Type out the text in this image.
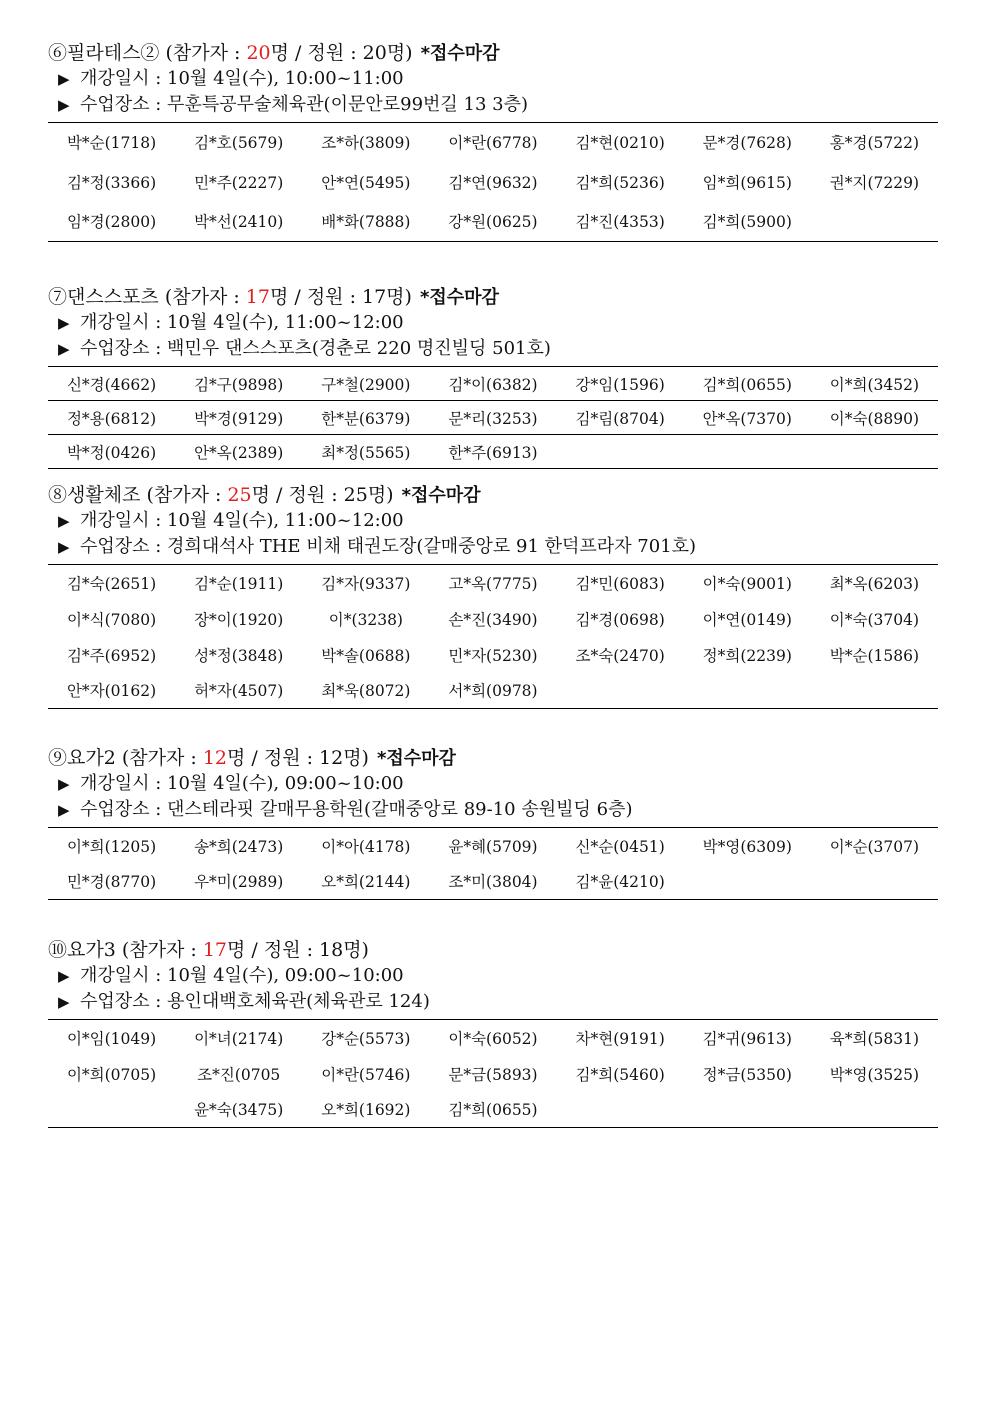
⑥필라테스② (참가자 : 20명 / 정원 : 20명) *접수마감
▶ 개강일시 : 10월 4일(수), 10:00~11:00
▶ 수업장소 : 무훈특공무술체육관(이문안로99번길 13 3층)
박*순(1718)	김*호(5679)	조*하(3809)	이*란(6778)	김*현(0210)	문*경(7628)	홍*경(5722)
김*정(3366)	민*주(2227)	안*연(5495)	김*연(9632)	김*희(5236)	임*희(9615)	권*지(7229)
임*경(2800)	박*선(2410)	배*화(7888)	강*원(0625)	김*진(4353)	김*희(5900)	
⑦댄스스포츠 (참가자 : 17명 / 정원 : 17명) *접수마감
▶ 개강일시 : 10월 4일(수), 11:00~12:00
▶ 수업장소 : 백민우 댄스스포츠(경춘로 220 명진빌딩 501호)
신*경(4662)	김*구(9898)	구*철(2900)	김*이(6382)	강*임(1596)	김*희(0655)	이*희(3452)
정*용(6812)	박*경(9129)	한*분(6379)	문*리(3253)	김*림(8704)	안*옥(7370)	이*숙(8890)
박*정(0426)	안*옥(2389)	최*정(5565)	한*주(6913)			
⑧생활체조 (참가자 : 25명 / 정원 : 25명) *접수마감
▶ 개강일시 : 10월 4일(수), 11:00~12:00
▶ 수업장소 : 경희대석사 THE 비채 태권도장(갈매중앙로 91 한덕프라자 701호)
김*숙(2651)	김*순(1911)	김*자(9337)	고*옥(7775)	김*민(6083)	이*숙(9001)	최*옥(6203)
이*식(7080)	장*이(1920)	이*(3238)	손*진(3490)	김*경(0698)	이*연(0149)	이*숙(3704)
김*주(6952)	성*정(3848)	박*솔(0688)	민*자(5230)	조*숙(2470)	정*희(2239)	박*순(1586)
안*자(0162)	허*자(4507)	최*욱(8072)	서*희(0978)			
⑨요가2 (참가자 : 12명 / 정원 : 12명) *접수마감
▶ 개강일시 : 10월 4일(수), 09:00~10:00
▶ 수업장소 : 댄스테라핏 갈매무용학원(갈매중앙로 89-10 송원빌딩 6층)
이*희(1205)	송*희(2473)	이*아(4178)	윤*혜(5709)	신*순(0451)	박*영(6309)	이*순(3707)
민*경(8770)	우*미(2989)	오*희(2144)	조*미(3804)	김*윤(4210)		
⑩요가3 (참가자 : 17명 / 정원 : 18명)
▶ 개강일시 : 10월 4일(수), 09:00~10:00
▶ 수업장소 : 용인대백호체육관(체육관로 124)
이*임(1049)	이*녀(2174)	강*순(5573)	이*숙(6052)	차*현(9191)	김*귀(9613)	육*희(5831)
이*희(0705)	조*진(0705	이*란(5746)	문*금(5893)	김*희(5460)	정*금(5350)	박*영(3525)
	윤*숙(3475)	오*희(1692)	김*희(0655)			
